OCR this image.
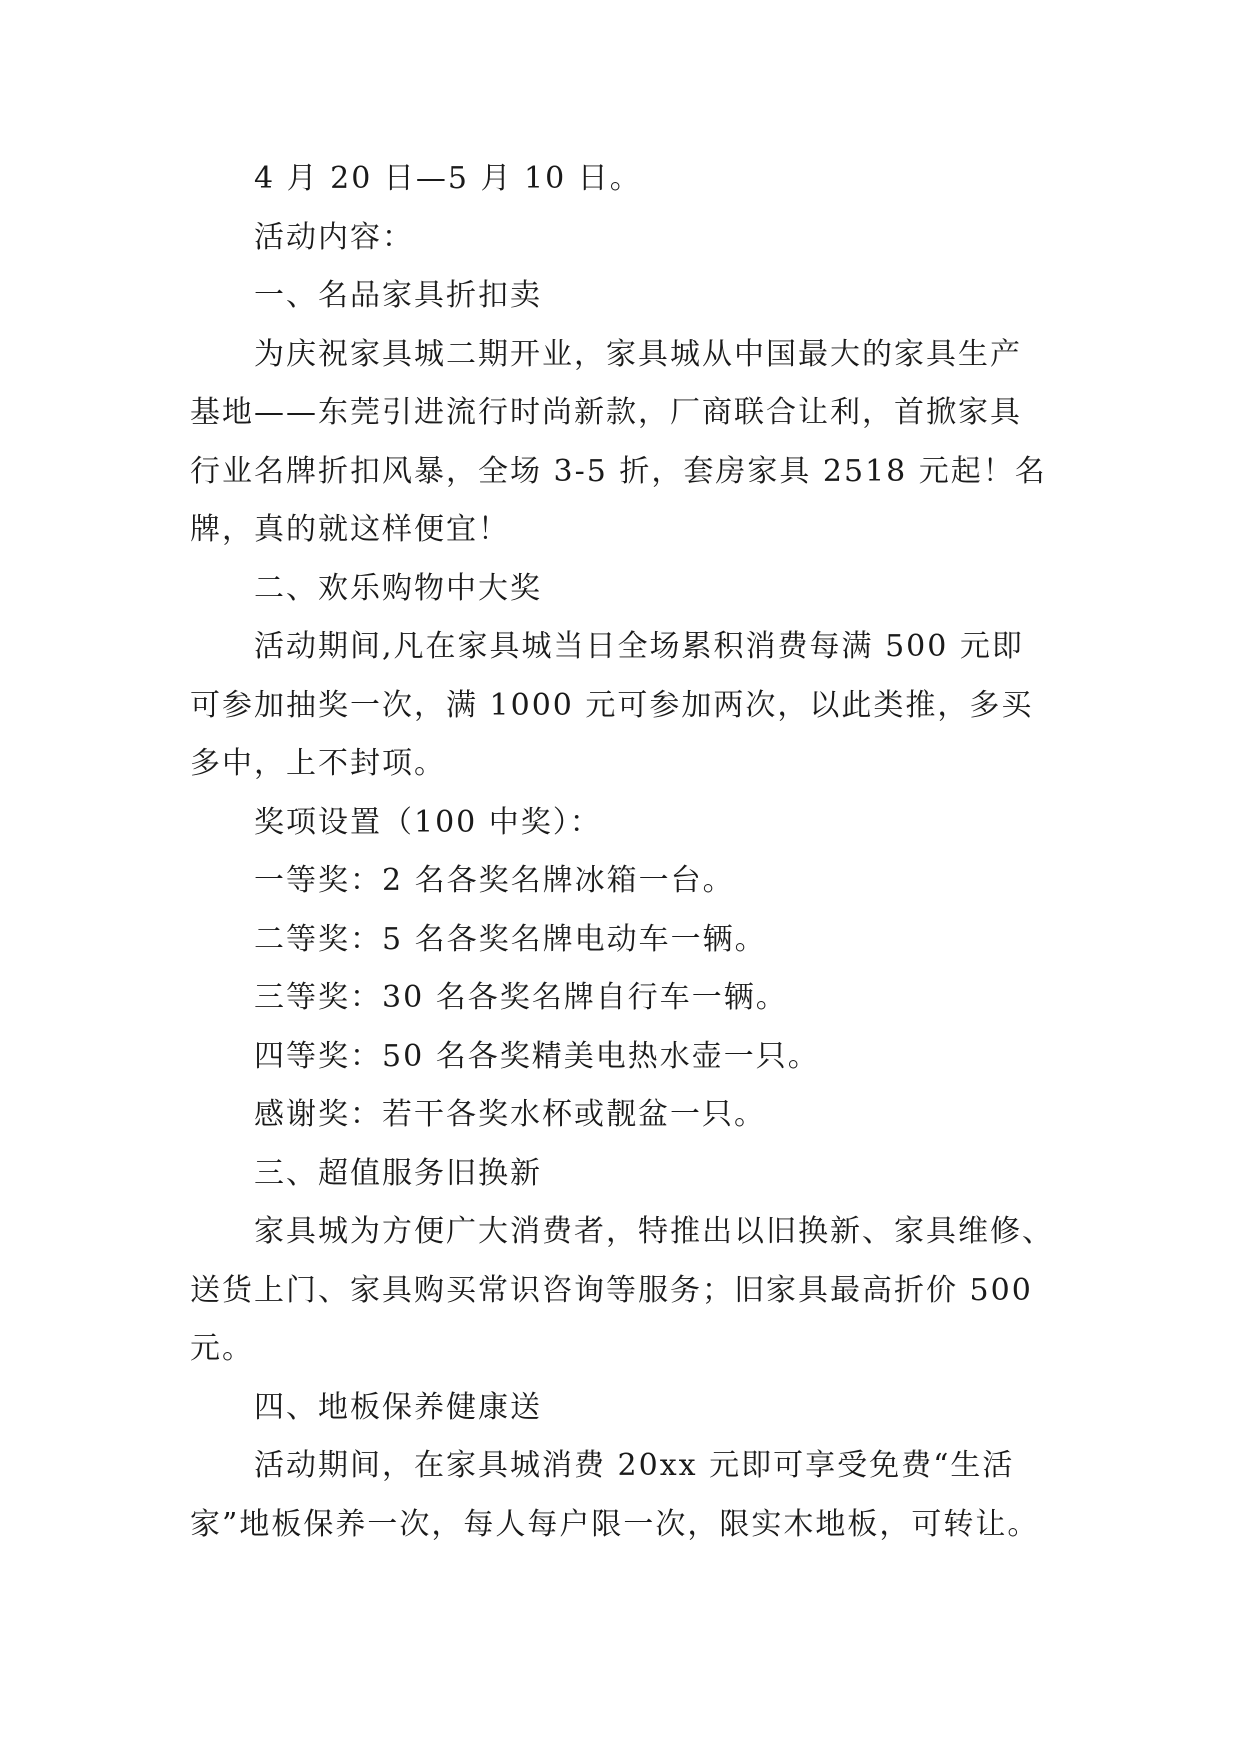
4 月 20 日—5 月 10 日。

活动内容：

一、名品家具折扣卖

为庆祝家具城二期开业，家具城从中国最大的家具生产

基地——东莞引进流行时尚新款，厂商联合让利，首掀家具

行业名牌折扣风暴，全场 3-5 折，套房家具 2518 元起！名

牌，真的就这样便宜！

二、欢乐购物中大奖

活动期间,凡在家具城当日全场累积消费每满 500 元即

可参加抽奖一次，满 1000 元可参加两次，以此类推，多买

多中，上不封项。

奖项设置（100 中奖）：

一等奖：2 名各奖名牌冰箱一台。

二等奖：5 名各奖名牌电动车一辆。

三等奖：30 名各奖名牌自行车一辆。

四等奖：50 名各奖精美电热水壶一只。

感谢奖：若干各奖水杯或靓盆一只。

三、超值服务旧换新

家具城为方便广大消费者，特推出以旧换新、家具维修、

送货上门、家具购买常识咨询等服务；旧家具最高折价 500

元。

四、地板保养健康送

活动期间，在家具城消费 20xx 元即可享受免费“生活

家”地板保养一次，每人每户限一次，限实木地板，可转让。
